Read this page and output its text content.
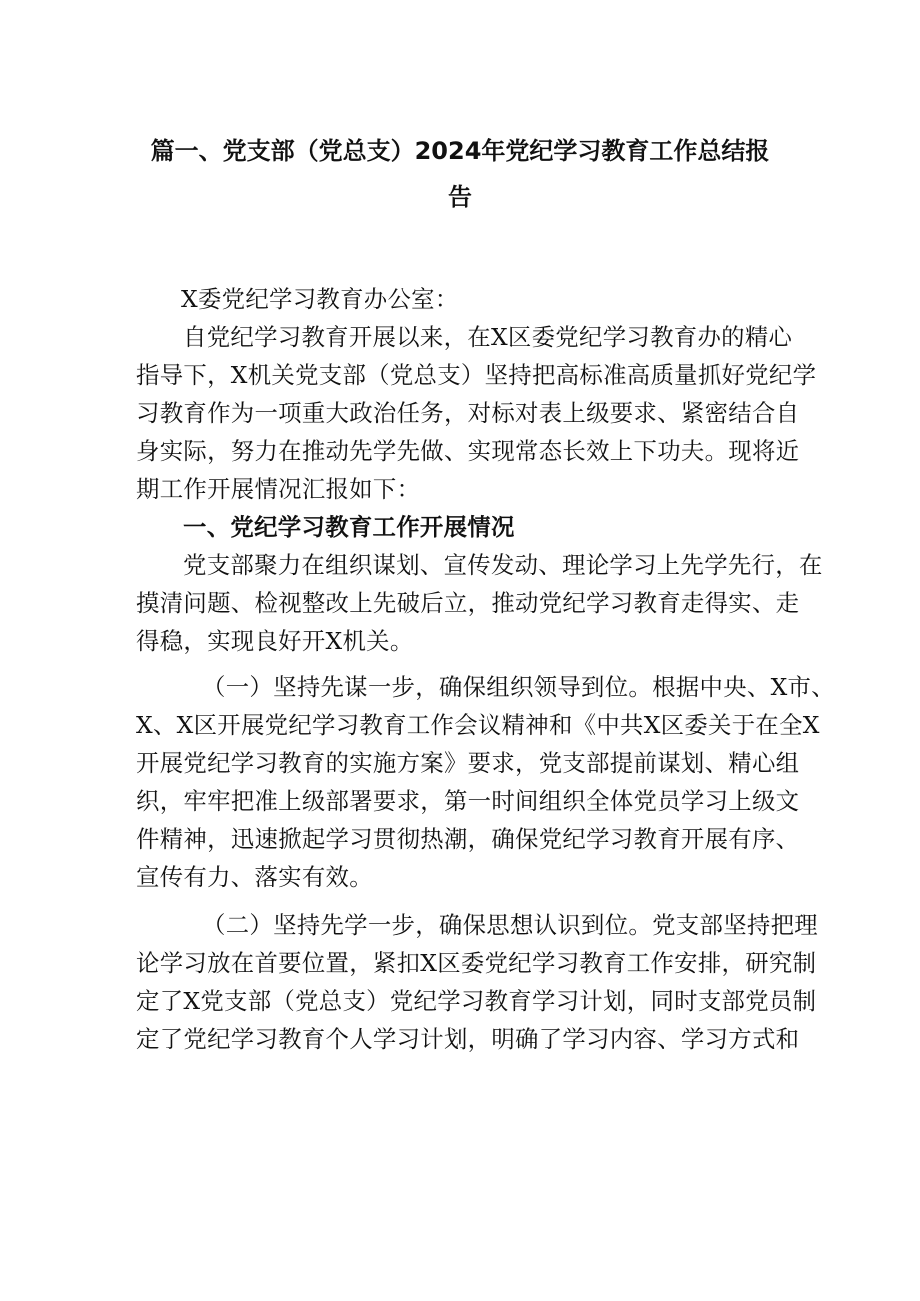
篇一、党支部（党总支）2024年党纪学习教育工作总结报
告
X委党纪学习教育办公室：
自党纪学习教育开展以来，在X区委党纪学习教育办的精心
指导下，X机关党支部（党总支）坚持把高标准高质量抓好党纪学
习教育作为一项重大政治任务，对标对表上级要求、紧密结合自
身实际，努力在推动先学先做、实现常态长效上下功夫。现将近
期工作开展情况汇报如下：
一、党纪学习教育工作开展情况
党支部聚力在组织谋划、宣传发动、理论学习上先学先行，在
摸清问题、检视整改上先破后立，推动党纪学习教育走得实、走
得稳，实现良好开X机关。
（一）坚持先谋一步，确保组织领导到位。根据中央、X市、
X、X区开展党纪学习教育工作会议精神和《中共X区委关于在全X
开展党纪学习教育的实施方案》要求，党支部提前谋划、精心组
织，牢牢把准上级部署要求，第一时间组织全体党员学习上级文
件精神，迅速掀起学习贯彻热潮，确保党纪学习教育开展有序、
宣传有力、落实有效。
（二）坚持先学一步，确保思想认识到位。党支部坚持把理
论学习放在首要位置，紧扣X区委党纪学习教育工作安排，研究制
定了X党支部（党总支）党纪学习教育学习计划，同时支部党员制
定了党纪学习教育个人学习计划，明确了学习内容、学习方式和
